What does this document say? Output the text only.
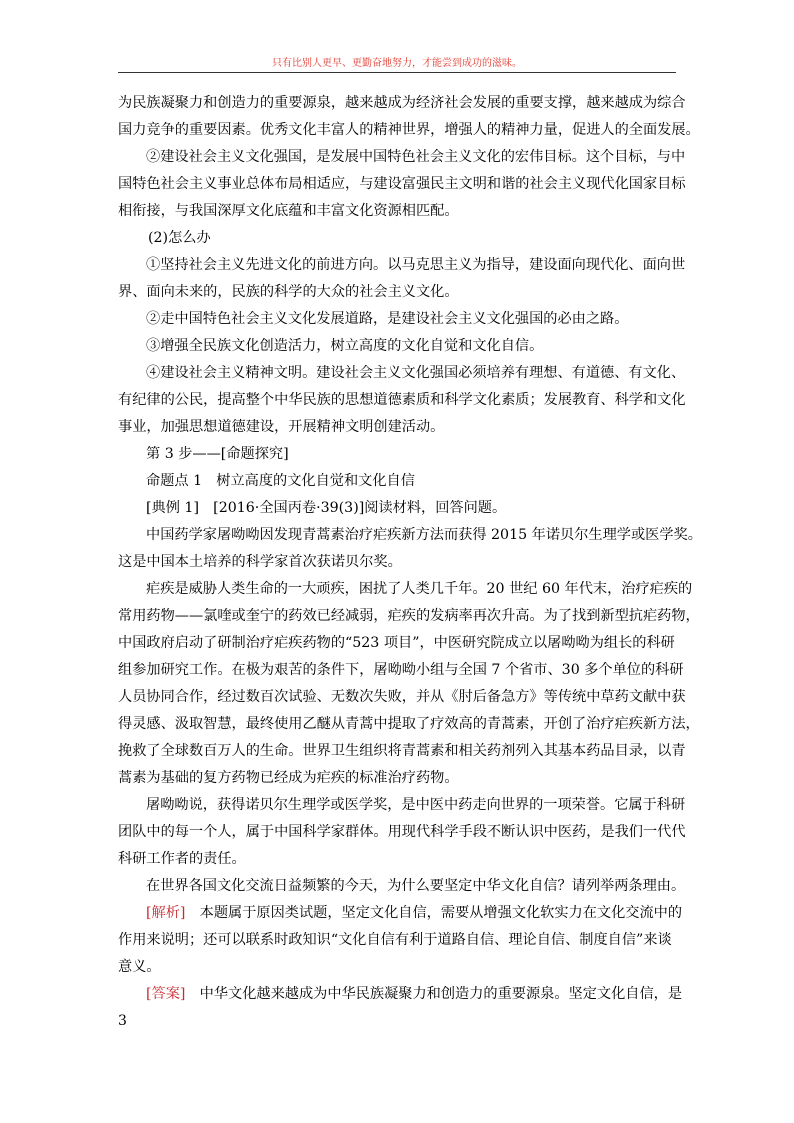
只有比别人更早、更勤奋地努力，才能尝到成功的滋味。
为民族凝聚力和创造力的重要源泉，越来越成为经济社会发展的重要支撑，越来越成为综合
国力竞争的重要因素。优秀文化丰富人的精神世界，增强人的精神力量，促进人的全面发展。
②建设社会主义文化强国，是发展中国特色社会主义文化的宏伟目标。这个目标，与中
国特色社会主义事业总体布局相适应，与建设富强民主文明和谐的社会主义现代化国家目标
相衔接，与我国深厚文化底蕴和丰富文化资源相匹配。
(2)怎么办
①坚持社会主义先进文化的前进方向。以马克思主义为指导，建设面向现代化、面向世
界、面向未来的，民族的科学的大众的社会主义文化。
②走中国特色社会主义文化发展道路，是建设社会主义文化强国的必由之路。
③增强全民族文化创造活力，树立高度的文化自觉和文化自信。
④建设社会主义精神文明。建设社会主义文化强国必须培养有理想、有道德、有文化、
有纪律的公民，提高整个中华民族的思想道德素质和科学文化素质；发展教育、科学和文化
事业，加强思想道德建设，开展精神文明创建活动。
第 3 步——[命题探究]
命题点 1　树立高度的文化自觉和文化自信
[典例 1]　[2016·全国丙卷·39(3)]阅读材料，回答问题。
中国药学家屠呦呦因发现青蒿素治疗疟疾新方法而获得 2015 年诺贝尔生理学或医学奖。
这是中国本土培养的科学家首次获诺贝尔奖。
疟疾是威胁人类生命的一大顽疾，困扰了人类几千年。20 世纪 60 年代末，治疗疟疾的
常用药物——氯喹或奎宁的药效已经减弱，疟疾的发病率再次升高。为了找到新型抗疟药物，
中国政府启动了研制治疗疟疾药物的“523 项目”，中医研究院成立以屠呦呦为组长的科研
组参加研究工作。在极为艰苦的条件下，屠呦呦小组与全国 7 个省市、30 多个单位的科研
人员协同合作，经过数百次试验、无数次失败，并从《肘后备急方》等传统中草药文献中获
得灵感、汲取智慧，最终使用乙醚从青蒿中提取了疗效高的青蒿素，开创了治疗疟疾新方法，
挽救了全球数百万人的生命。世界卫生组织将青蒿素和相关药剂列入其基本药品目录，以青
蒿素为基础的复方药物已经成为疟疾的标准治疗药物。
屠呦呦说，获得诺贝尔生理学或医学奖，是中医中药走向世界的一项荣誉。它属于科研
团队中的每一个人，属于中国科学家群体。用现代科学手段不断认识中医药，是我们一代代
科研工作者的责任。
在世界各国文化交流日益频繁的今天，为什么要坚定中华文化自信？请列举两条理由。
[解析]　 本题属于原因类试题，坚定文化自信，需要从增强文化软实力在文化交流中的
作用来说明；还可以联系时政知识“文化自信有利于道路自信、理论自信、制度自信”来谈
意义。
[答案]　 中华文化越来越成为中华民族凝聚力和创造力的重要源泉。坚定文化自信，是
3
